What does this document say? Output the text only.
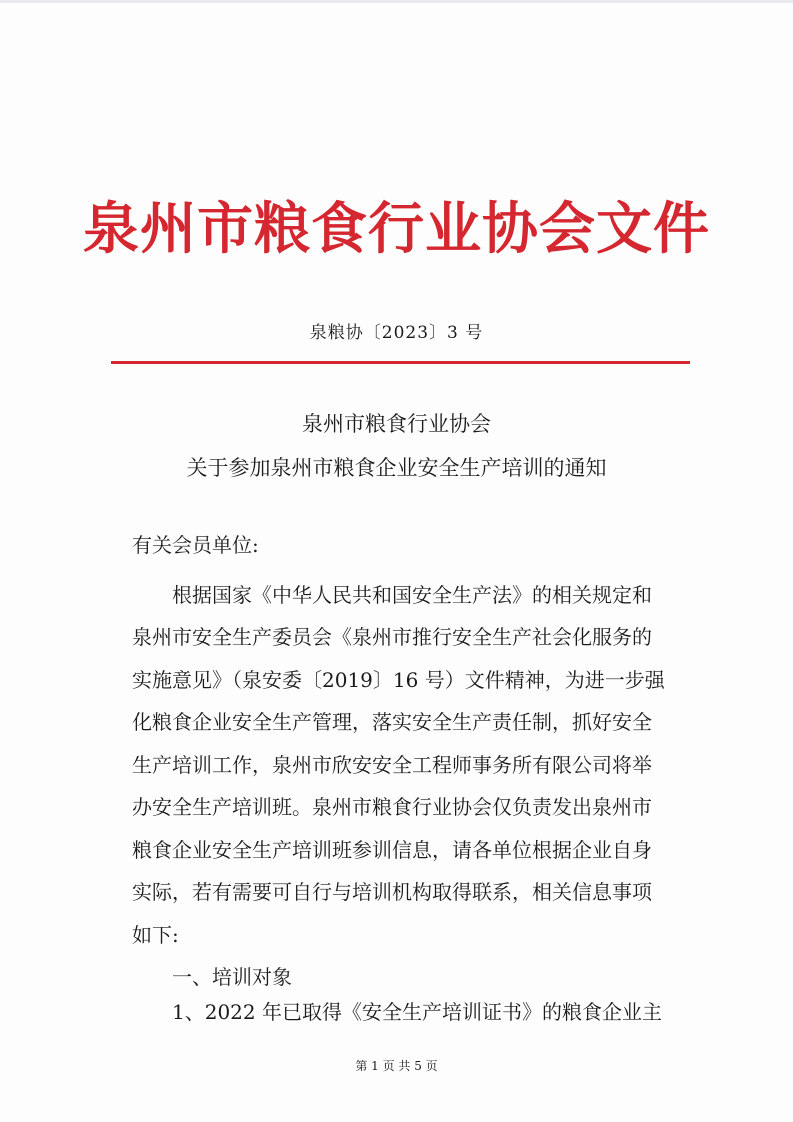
泉州市粮食行业协会文件
泉粮协〔2023〕3 号
泉州市粮食行业协会
关于参加泉州市粮食企业安全生产培训的通知
有关会员单位:
根据国家《中华人民共和国安全生产法》的相关规定和
泉州市安全生产委员会《泉州市推行安全生产社会化服务的
实施意见》（泉安委〔2019〕16 号）文件精神，为进一步强
化粮食企业安全生产管理，落实安全生产责任制，抓好安全
生产培训工作，泉州市欣安安全工程师事务所有限公司将举
办安全生产培训班。泉州市粮食行业协会仅负责发出泉州市
粮食企业安全生产培训班参训信息，请各单位根据企业自身
实际，若有需要可自行与培训机构取得联系，相关信息事项
如下:
一、培训对象
1、2022 年已取得《安全生产培训证书》的粮食企业主
第 1 页 共 5 页
